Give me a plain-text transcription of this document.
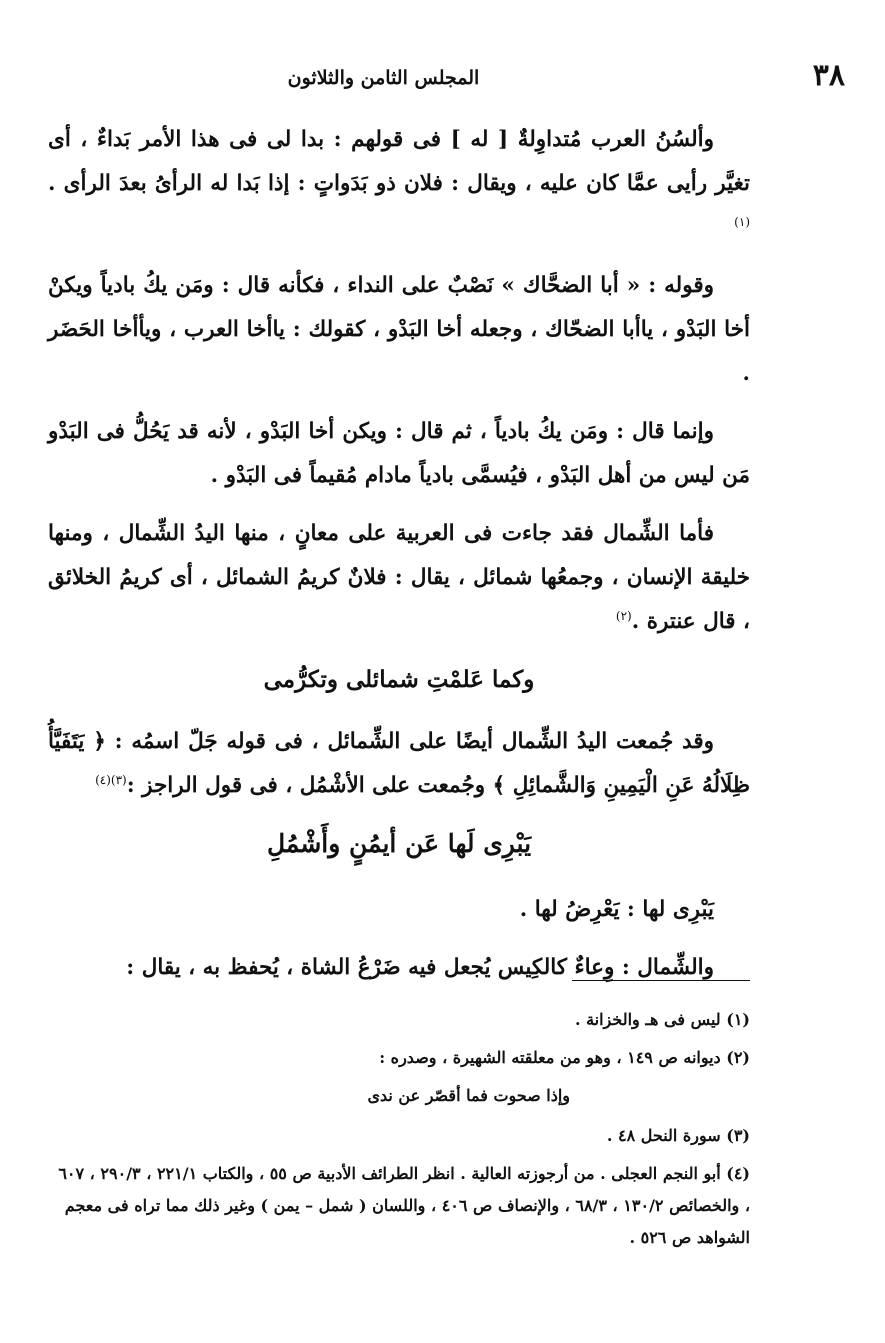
٣٨
المجلس الثامن والثلاثون

وألسُنُ العرب مُتداوِلةٌ [ له ] فى قولهم : بدا لى فى هذا الأمر بَداءٌ ، أى تغيَّر رأيى عمَّا كان عليه ، ويقال : فلان ذو بَدَواتٍ : إذا بَدا له الرأىُ بعدَ الرأى .$^{(١)}$

وقوله : « أبا الضحَّاك » نَصْبٌ على النداء ، فكأنه قال : ومَن يكُ بادياً ويكنْ أخا البَدْو ، ياأبا الضحّاك ، وجعله أخا البَدْو ، كقولك : ياأخا العرب ، ويأأخا الحَضَر .

وإنما قال : ومَن يكُ بادياً ، ثم قال : ويكن أخا البَدْو ، لأنه قد يَحُلُّ فى البَدْو مَن ليس من أهل البَدْو ، فيُسمَّى بادياً مادام مُقيماً فى البَدْو .

فأما الشِّمال فقد جاءت فى العربية على معانٍ ، منها اليدُ الشِّمال ، ومنها خليقة الإنسان ، وجمعُها شمائل ، يقال : فلانٌ كريمُ الشمائل ، أى كريمُ الخلائق ، قال عنترة .$^{(٢)}$

وكما عَلمْتِ شمائلى وتكرُّمى

وقد جُمعت اليدُ الشِّمال أيضًا على الشِّمائل ، فى قوله جَلّ اسمُه : ﴿ يَتَفَيَّأُ ظِلَالُهُ عَنِ الْيَمِينِ وَالشَّمائِلِ ﴾ وجُمعت على الأشْمُل ، فى قول الراجز :$^{(٣)(٤)}$

يَبْرِى لَها عَن أيمُنٍ وأَشْمُلِ

يَبْرِى لها : يَعْرِضُ لها .

والشِّمال : وِعاءٌ كالكِيس يُجعل فيه ضَرْعُ الشاة ، يُحفظ به ، يقال :

(١) ليس فى هـ والخزانة .
(٢) ديوانه ص ١٤٩ ، وهو من معلقته الشهيرة ، وصدره :
وإذا صحوت فما أقصّر عن ندى
(٣) سورة النحل ٤٨ .
(٤) أبو النجم العجلى . من أرجوزته العالية . انظر الطرائف الأدبية ص ٥٥ ، والكتاب ٢٢١/١ ، ٢٩٠/٣ ، ٦٠٧ ، والخصائص ١٣٠/٢ ، ٦٨/٣ ، والإنصاف ص ٤٠٦ ، واللسان ( شمل – يمن ) وغير ذلك مما تراه فى معجم الشواهد ص ٥٢٦ .
